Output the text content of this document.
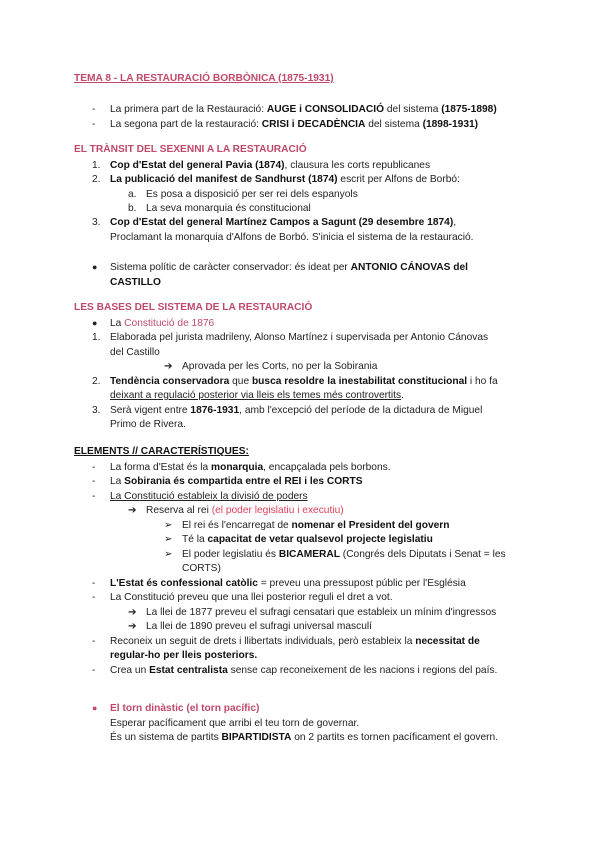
TEMA 8 - LA RESTAURACIÓ BORBÒNICA (1875-1931)
- La primera part de la Restauració: AUGE i CONSOLIDACIÓ del sistema (1875-1898)
- La segona part de la restauració: CRISI i DECADÈNCIA del sistema (1898-1931)
EL TRÀNSIT DEL SEXENNI A LA RESTAURACIÓ
1. Cop d'Estat del general Pavia (1874), clausura les corts republicanes
2. La publicació del manifest de Sandhurst (1874) escrit per Alfons de Borbó:
a. Es posa a disposició per ser rei dels espanyols
b. La seva monarquia és constitucional
3. Cop d'Estat del general Martínez Campos a Sagunt (29 desembre 1874),
Proclamant la monarquia d'Alfons de Borbó. S'inicia el sistema de la restauració.
● Sistema polític de caràcter conservador: és ideat per ANTONIO CÁNOVAS del
CASTILLO
LES BASES DEL SISTEMA DE LA RESTAURACIÓ
● La Constitució de 1876
1. Elaborada pel jurista madrileny, Alonso Martínez i supervisada per Antonio Cánovas
del Castillo
➔ Aprovada per les Corts, no per la Sobirania
2. Tendència conservadora que busca resoldre la inestabilitat constitucional i ho fa
deixant a regulació posterior via lleis els temes més controvertits.
3. Serà vigent entre 1876-1931, amb l'excepció del període de la dictadura de Miguel
Primo de Rivera.
ELEMENTS // CARACTERÍSTIQUES:
- La forma d'Estat és la monarquia, encapçalada pels borbons.
- La Sobirania és compartida entre el REI i les CORTS
- La Constitució estableix la divisió de poders
➔ Reserva al rei (el poder legislatiu i executiu)
➢ El rei és l'encarregat de nomenar el President del govern
➢ Té la capacitat de vetar qualsevol projecte legislatiu
➢ El poder legislatiu és BICAMERAL (Congrés dels Diputats i Senat = les
CORTS)
- L'Estat és confessional catòlic = preveu una pressupost públic per l'Església
- La Constitució preveu que una llei posterior reguli el dret a vot.
➔ La llei de 1877 preveu el sufragi censatari que estableix un mínim d'ingressos
➔ La llei de 1890 preveu el sufragi universal masculí
- Reconeix un seguit de drets i llibertats individuals, però estableix la necessitat de
regular-ho per lleis posteriors.
- Crea un Estat centralista sense cap reconeixement de les nacions i regions del país.
● El torn dinàstic (el torn pacífic)
Esperar pacíficament que arribi el teu torn de governar.
És un sistema de partits BIPARTIDISTA on 2 partits es tornen pacíficament el govern.
